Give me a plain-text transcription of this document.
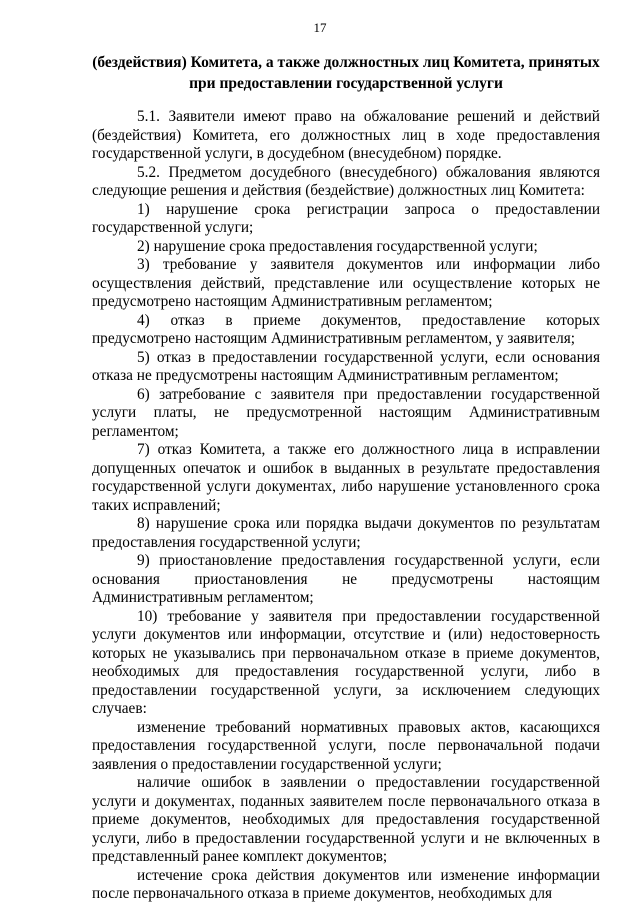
17
(бездействия) Комитета, а также должностных лиц Комитета, принятых
при предоставлении государственной услуги

5.1. Заявители имеют право на обжалование решений и действий (бездействия) Комитета, его должностных лиц в ходе предоставления государственной услуги, в досудебном (внесудебном) порядке.

5.2. Предметом досудебного (внесудебного) обжалования являются следующие решения и действия (бездействие) должностных лиц Комитета:

1) нарушение срока регистрации запроса о предоставлении государственной услуги;

2) нарушение срока предоставления государственной услуги;

3) требование у заявителя документов или информации либо осуществления действий, представление или осуществление которых не предусмотрено настоящим Административным регламентом;

4) отказ в приеме документов, предоставление которых предусмотрено настоящим Административным регламентом, у заявителя;

5) отказ в предоставлении государственной услуги, если основания отказа не предусмотрены настоящим Административным регламентом;

6) затребование с заявителя при предоставлении государственной услуги платы, не предусмотренной настоящим Административным регламентом;

7) отказ Комитета, а также его должностного лица в исправлении допущенных опечаток и ошибок в выданных в результате предоставления государственной услуги документах, либо нарушение установленного срока таких исправлений;

8) нарушение срока или порядка выдачи документов по результатам предоставления государственной услуги;

9) приостановление предоставления государственной услуги, если основания приостановления не предусмотрены настоящим Административным регламентом;

10) требование у заявителя при предоставлении государственной услуги документов или информации, отсутствие и (или) недостоверность которых не указывались при первоначальном отказе в приеме документов, необходимых для предоставления государственной услуги, либо в предоставлении государственной услуги, за исключением следующих случаев:

изменение требований нормативных правовых актов, касающихся предоставления государственной услуги, после первоначальной подачи заявления о предоставлении государственной услуги;

наличие ошибок в заявлении о предоставлении государственной услуги и документах, поданных заявителем после первоначального отказа в приеме документов, необходимых для предоставления государственной услуги, либо в предоставлении государственной услуги и не включенных в представленный ранее комплект документов;

истечение срока действия документов или изменение информации после первоначального отказа в приеме документов, необходимых для
